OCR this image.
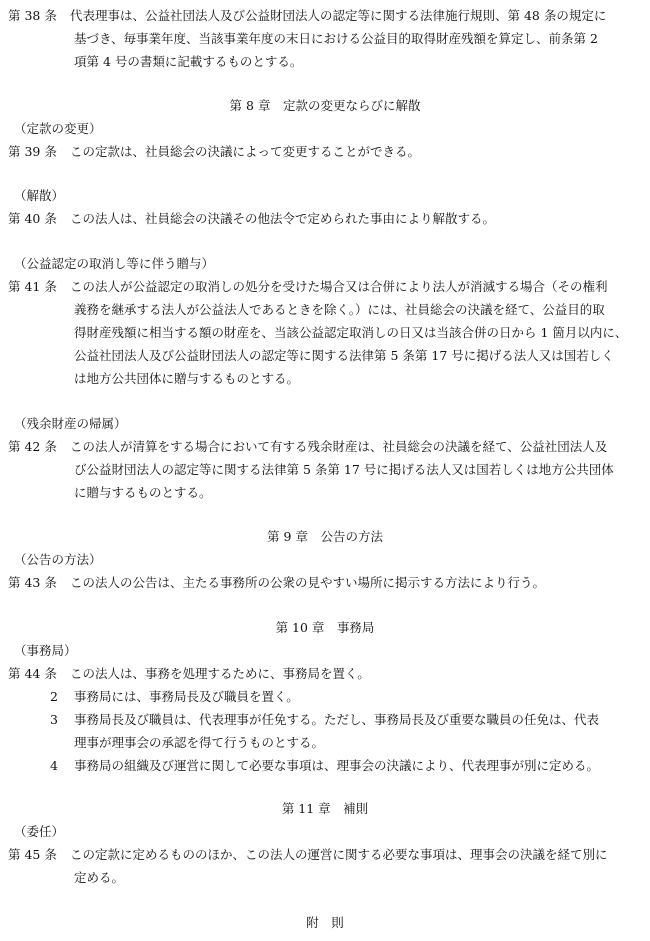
第 38 条 代表理事は、公益社団法人及び公益財団法人の認定等に関する法律施行規則、第 48 条の規定に
基づき、毎事業年度、当該事業年度の末日における公益目的取得財産残額を算定し、前条第 2
項第 4 号の書類に記載するものとする。
第 8 章　定款の変更ならびに解散
（定款の変更）
第 39 条 この定款は、社員総会の決議によって変更することができる。
（解散）
第 40 条 この法人は、社員総会の決議その他法令で定められた事由により解散する。
（公益認定の取消し等に伴う贈与）
第 41 条 この法人が公益認定の取消しの処分を受けた場合又は合併により法人が消滅する場合（その権利
義務を継承する法人が公益法人であるときを除く。）には、社員総会の決議を経て、公益目的取
得財産残額に相当する額の財産を、当該公益認定取消しの日又は当該合併の日から 1 箇月以内に、
公益社団法人及び公益財団法人の認定等に関する法律第 5 条第 17 号に掲げる法人又は国若しく
は地方公共団体に贈与するものとする。
（残余財産の帰属）
第 42 条 この法人が清算をする場合において有する残余財産は、社員総会の決議を経て、公益社団法人及
び公益財団法人の認定等に関する法律第 5 条第 17 号に掲げる法人又は国若しくは地方公共団体
に贈与するものとする。
第 9 章　公告の方法
（公告の方法）
第 43 条 この法人の公告は、主たる事務所の公衆の見やすい場所に掲示する方法により行う。
第 10 章　事務局
（事務局）
第 44 条 この法人は、事務を処理するために、事務局を置く。
2 事務局には、事務局長及び職員を置く。
3 事務局長及び職員は、代表理事が任免する。ただし、事務局長及び重要な職員の任免は、代表
理事が理事会の承認を得て行うものとする。
4 事務局の組織及び運営に関して必要な事項は、理事会の決議により、代表理事が別に定める。
第 11 章　補則
（委任）
第 45 条 この定款に定めるもののほか、この法人の運営に関する必要な事項は、理事会の決議を経て別に
定める。
附　則
